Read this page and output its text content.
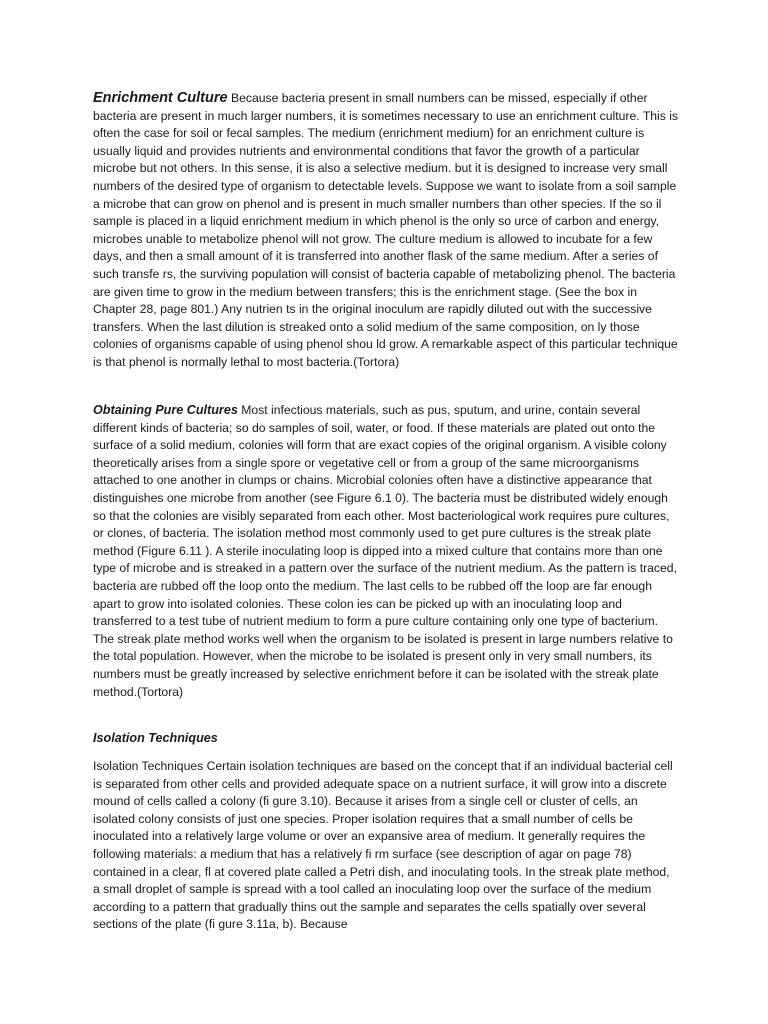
Enrichment Culture Because bacteria present in small numbers can be missed, especially if other bacteria are present in much larger numbers, it is sometimes necessary to use an enrichment culture. This is often the case for soil or fecal samples. The medium (enrichment medium) for an enrichment culture is usually liquid and provides nutrients and environmental conditions that favor the growth of a particular microbe but not others. In this sense, it is also a selective medium. but it is designed to increase very small numbers of the desired type of organism to detectable levels. Suppose we want to isolate from a soil sample a microbe that can grow on phenol and is present in much smaller numbers than other species. If the so il sample is placed in a liquid enrichment medium in which phenol is the only so urce of carbon and energy, microbes unable to metabolize phenol will not grow. The culture medium is allowed to incubate for a few days, and then a small amount of it is transferred into another flask of the same medium. After a series of such transfe rs, the surviving population will consist of bacteria capable of metabolizing phenol. The bacteria are given time to grow in the medium between transfers; this is the enrichment stage. (See the box in Chapter 28, page 801.) Any nutrien ts in the original inoculum are rapidly diluted out with the successive transfers. When the last dilution is streaked onto a solid medium of the same composition, on ly those colonies of organisms capable of using phenol shou ld grow. A remarkable aspect of this particular technique is that phenol is normally lethal to most bacteria.(Tortora)

Obtaining Pure Cultures Most infectious materials, such as pus, sputum, and urine, contain several different kinds of bacteria; so do samples of soil, water, or food. If these materials are plated out onto the surface of a solid medium, colonies will form that are exact copies of the original organism. A visible colony theoretically arises from a single spore or vegetative cell or from a group of the same microorganisms attached to one another in clumps or chains. Microbial colonies often have a distinctive appearance that distinguishes one microbe from another (see Figure 6.1 0). The bacteria must be distributed widely enough so that the colonies are visibly separated from each other. Most bacteriological work requires pure cultures, or clones, of bacteria. The isolation method most commonly used to get pure cultures is the streak plate method (Figure 6.11 ). A sterile inoculating loop is dipped into a mixed culture that contains more than one type of microbe and is streaked in a pattern over the surface of the nutrient medium. As the pattern is traced, bacteria are rubbed off the loop onto the medium. The last cells to be rubbed off the loop are far enough apart to grow into isolated colonies. These colon ies can be picked up with an inoculating loop and transferred to a test tube of nutrient medium to form a pure culture containing only one type of bacterium. The streak plate method works well when the organism to be isolated is present in large numbers relative to the total population. However, when the microbe to be isolated is present only in very small numbers, its numbers must be greatly increased by selective enrichment before it can be isolated with the streak plate method.(Tortora)

Isolation Techniques

Isolation Techniques Certain isolation techniques are based on the concept that if an individual bacterial cell is separated from other cells and provided adequate space on a nutrient surface, it will grow into a discrete mound of cells called a colony (fi gure 3.10). Because it arises from a single cell or cluster of cells, an isolated colony consists of just one species. Proper isolation requires that a small number of cells be inoculated into a relatively large volume or over an expansive area of medium. It generally requires the following materials: a medium that has a relatively fi rm surface (see description of agar on page 78) contained in a clear, fl at covered plate called a Petri dish, and inoculating tools. In the streak plate method, a small droplet of sample is spread with a tool called an inoculating loop over the surface of the medium according to a pattern that gradually thins out the sample and separates the cells spatially over several sections of the plate (fi gure 3.11a, b). Because
